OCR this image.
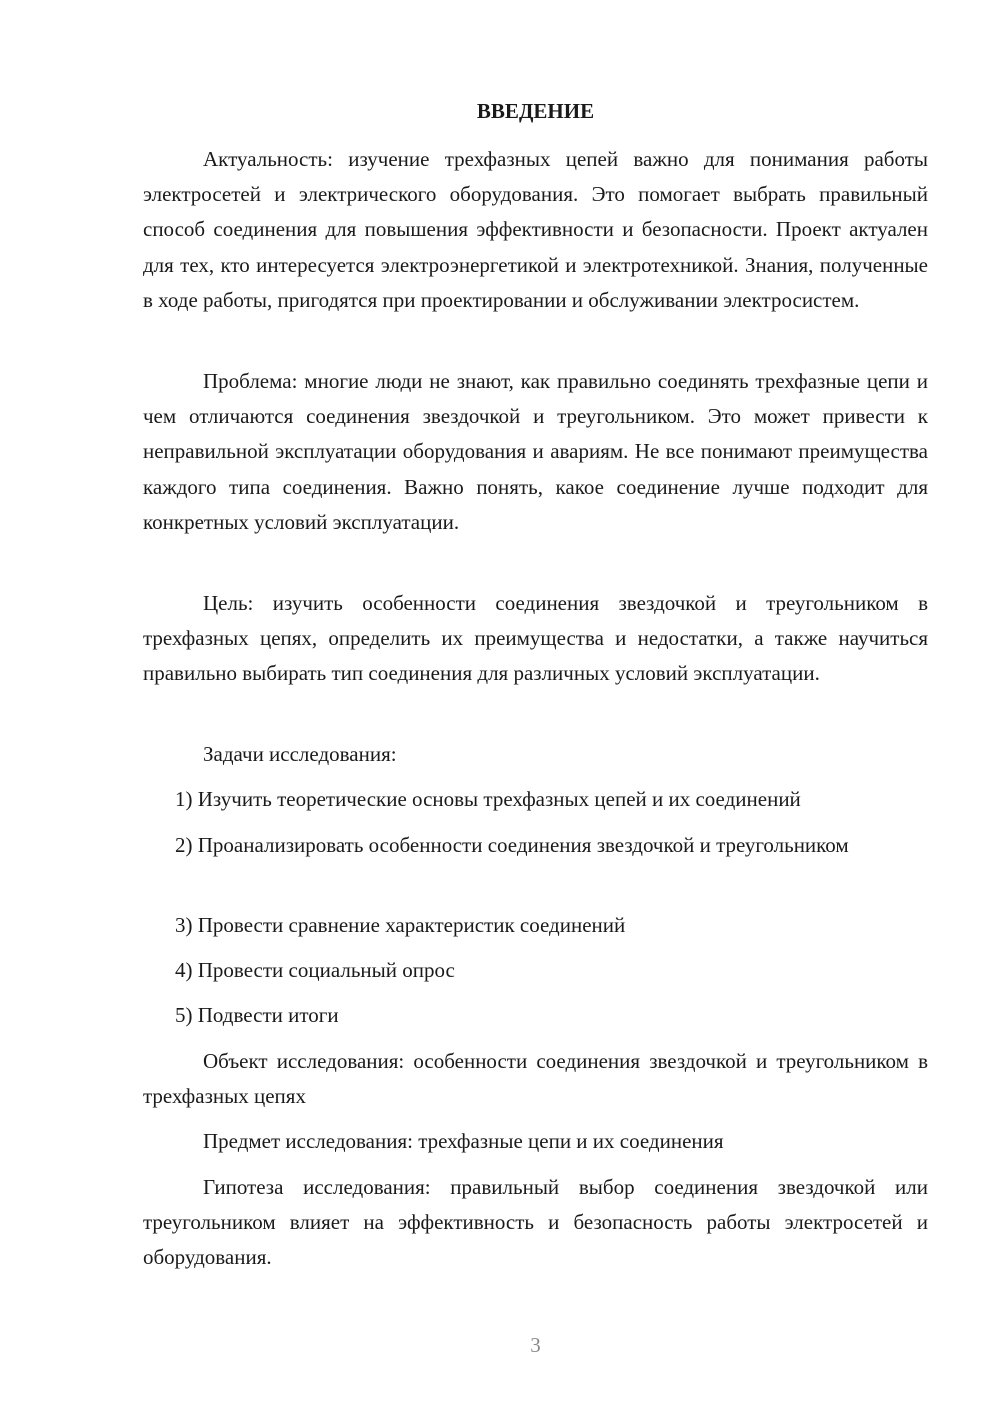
ВВЕДЕНИЕ

Актуальность: изучение трехфазных цепей важно для понимания работы электросетей и электрического оборудования. Это помогает выбрать правильный способ соединения для повышения эффективности и безопасности. Проект актуален для тех, кто интересуется электроэнергетикой и электротехникой. Знания, полученные в ходе работы, пригодятся при проектировании и обслуживании электросистем.

Проблема: многие люди не знают, как правильно соединять трехфазные цепи и чем отличаются соединения звездочкой и треугольником. Это может привести к неправильной эксплуатации оборудования и авариям. Не все понимают преимущества каждого типа соединения. Важно понять, какое соединение лучше подходит для конкретных условий эксплуатации.

Цель: изучить особенности соединения звездочкой и треугольником в трехфазных цепях, определить их преимущества и недостатки, а также научиться правильно выбирать тип соединения для различных условий эксплуатации.

Задачи исследования:

1) Изучить теоретические основы трехфазных цепей и их соединений

2) Проанализировать особенности соединения звездочкой и треугольником

3) Провести сравнение характеристик соединений

4) Провести социальный опрос

5) Подвести итоги

Объект исследования: особенности соединения звездочкой и треугольником в трехфазных цепях

Предмет исследования: трехфазные цепи и их соединения

Гипотеза исследования: правильный выбор соединения звездочкой или треугольником влияет на эффективность и безопасность работы электросетей и оборудования.

3
